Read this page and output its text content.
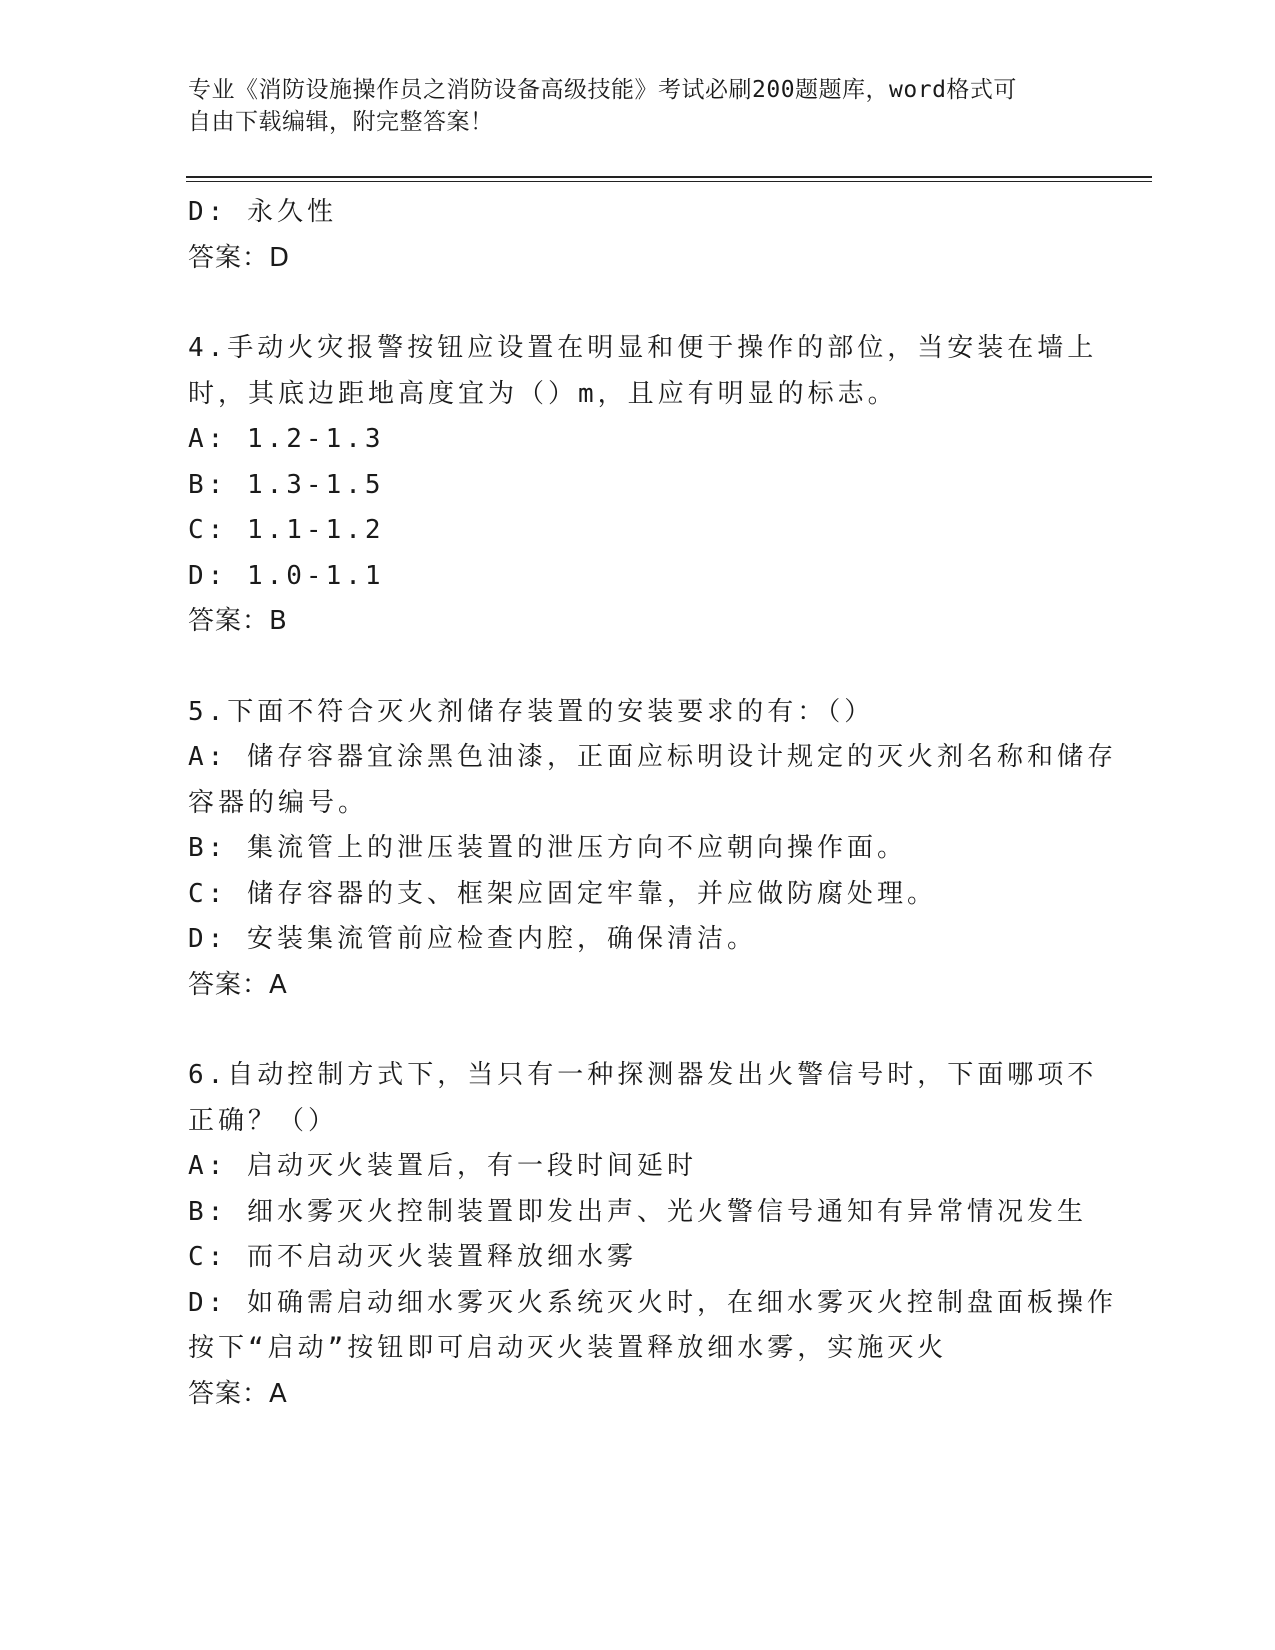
专业《消防设施操作员之消防设备高级技能》考试必刷200题题库，word格式可
自由下载编辑，附完整答案！
D: 永久性
答案：D
4.手动火灾报警按钮应设置在明显和便于操作的部位，当安装在墙上
时，其底边距地高度宜为（）m，且应有明显的标志。
A: 1.2-1.3
B: 1.3-1.5
C: 1.1-1.2
D: 1.0-1.1
答案：B
5.下面不符合灭火剂储存装置的安装要求的有：（）
A: 储存容器宜涂黑色油漆，正面应标明设计规定的灭火剂名称和储存
容器的编号。
B: 集流管上的泄压装置的泄压方向不应朝向操作面。
C: 储存容器的支、框架应固定牢靠，并应做防腐处理。
D: 安装集流管前应检查内腔，确保清洁。
答案：A
6.自动控制方式下，当只有一种探测器发出火警信号时，下面哪项不
正确？（）
A: 启动灭火装置后，有一段时间延时
B: 细水雾灭火控制装置即发出声、光火警信号通知有异常情况发生
C: 而不启动灭火装置释放细水雾
D: 如确需启动细水雾灭火系统灭火时，在细水雾灭火控制盘面板操作
按下“启动”按钮即可启动灭火装置释放细水雾，实施灭火
答案：A
